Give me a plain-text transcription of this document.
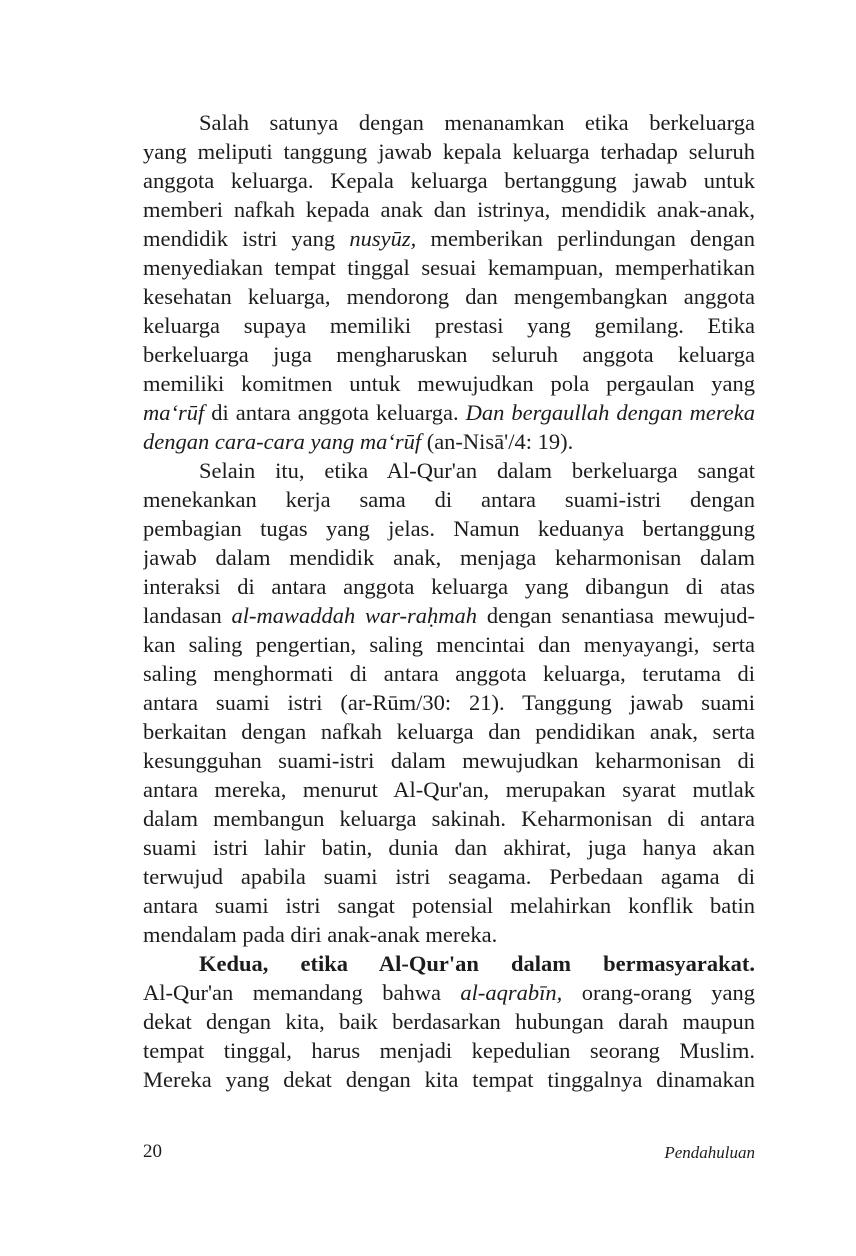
Salah satunya dengan menanamkan etika berkeluarga
yang meliputi tanggung jawab kepala keluarga terhadap seluruh
anggota keluarga. Kepala keluarga bertanggung jawab untuk
memberi nafkah kepada anak dan istrinya, mendidik anak-anak,
mendidik istri yang nusyūz, memberikan perlindungan dengan
menyediakan tempat tinggal sesuai kemampuan, memperhatikan
kesehatan keluarga, mendorong dan mengembangkan anggota
keluarga supaya memiliki prestasi yang gemilang. Etika
berkeluarga juga mengharuskan seluruh anggota keluarga
memiliki komitmen untuk mewujudkan pola pergaulan yang
ma‘rūf di antara anggota keluarga. Dan bergaullah dengan mereka
dengan cara-cara yang ma‘rūf (an-Nisā'/4: 19).
Selain itu, etika Al-Qur'an dalam berkeluarga sangat
menekankan kerja sama di antara suami-istri dengan
pembagian tugas yang jelas. Namun keduanya bertanggung
jawab dalam mendidik anak, menjaga keharmonisan dalam
interaksi di antara anggota keluarga yang dibangun di atas
landasan al-mawaddah war-raḥmah dengan senantiasa mewujud-
kan saling pengertian, saling mencintai dan menyayangi, serta
saling menghormati di antara anggota keluarga, terutama di
antara suami istri (ar-Rūm/30: 21). Tanggung jawab suami
berkaitan dengan nafkah keluarga dan pendidikan anak, serta
kesungguhan suami-istri dalam mewujudkan keharmonisan di
antara mereka, menurut Al-Qur'an, merupakan syarat mutlak
dalam membangun keluarga sakinah. Keharmonisan di antara
suami istri lahir batin, dunia dan akhirat, juga hanya akan
terwujud apabila suami istri seagama. Perbedaan agama di
antara suami istri sangat potensial melahirkan konflik batin
mendalam pada diri anak-anak mereka.
Kedua, etika Al-Qur'an dalam bermasyarakat.
Al-Qur'an memandang bahwa al-aqrabīn, orang-orang yang
dekat dengan kita, baik berdasarkan hubungan darah maupun
tempat tinggal, harus menjadi kepedulian seorang Muslim.
Mereka yang dekat dengan kita tempat tinggalnya dinamakan
20	Pendahuluan
